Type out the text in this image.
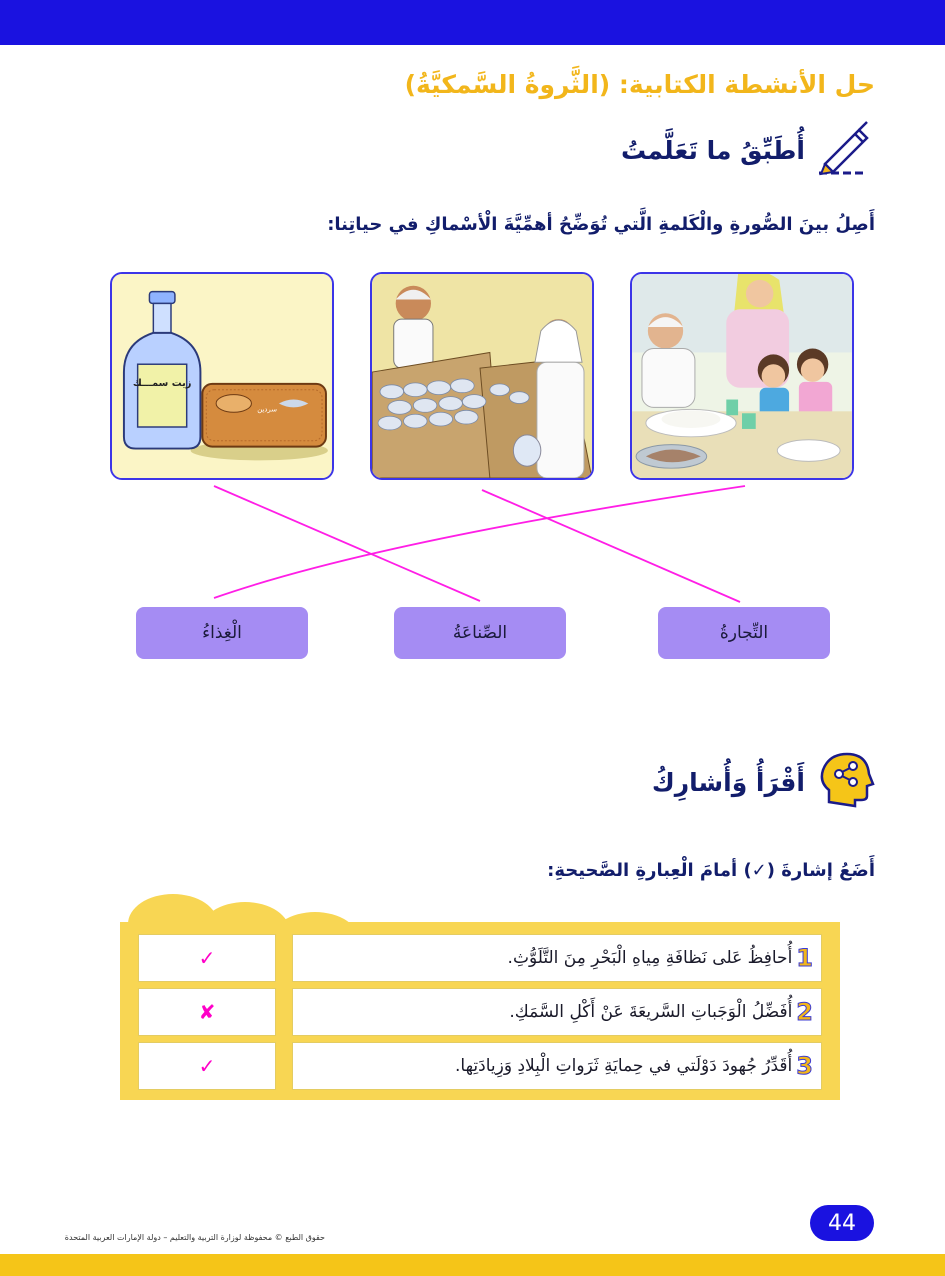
حل الأنشطة الكتابية: (الثَّروةُ السَّمكيَّةُ)
أُطَبِّقُ ما تَعَلَّمتُ
أَصِلُ بينَ الصُّورةِ والْكَلمةِ الَّتي تُوَضِّحُ أهمِّيَّةَ الْأسْماكِ في حياتِنا:
زيت سمـــك
سردين
التِّجارةُ
الصِّناعَةُ
الْغِذاءُ
أَقْرَأُ وَأُشارِكُ
أَضَعُ إشارةَ (✓) أمامَ الْعِبارةِ الصَّحيحةِ:
1
أُحافِظُ عَلى نَظافَةِ مِياهِ الْبَحْرِ مِنَ التَّلَوُّثِ.
✓
2
أُفَضِّلُ الْوَجَباتِ السَّريعَةَ عَنْ أَكْلِ السَّمَكِ.
✘
3
أُقَدِّرُ جُهودَ دَوْلَتي في حِمايَةِ ثَرَواتِ الْبِلادِ وَزِيادَتِها.
✓
44
حقوق الطبع © محفوظة لوزارة التربية والتعليم – دولة الإمارات العربية المتحدة
